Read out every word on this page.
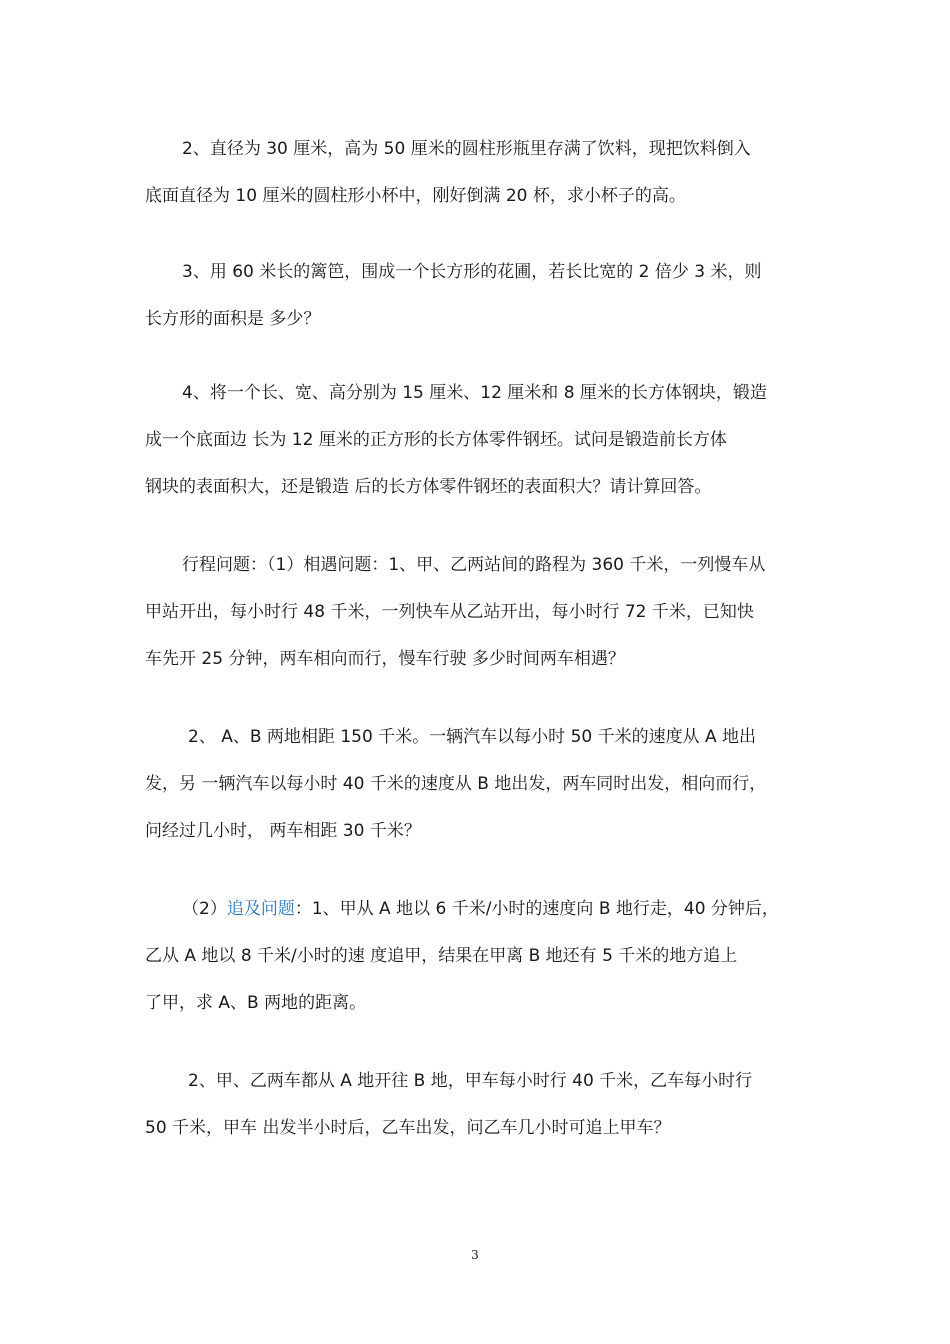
2、直径为 30 厘米，高为 50 厘米的圆柱形瓶里存满了饮料，现把饮料倒入
底面直径为 10 厘米的圆柱形小杯中，刚好倒满 20 杯，求小杯子的高。
3、用 60 米长的篱笆，围成一个长方形的花圃，若长比宽的 2 倍少 3 米，则
长方形的面积是 多少？
4、将一个长、宽、高分别为 15 厘米、12 厘米和 8 厘米的长方体钢块，锻造
成一个底面边 长为 12 厘米的正方形的长方体零件钢坯。试问是锻造前长方体
钢块的表面积大，还是锻造 后的长方体零件钢坯的表面积大？请计算回答。
行程问题：（1）相遇问题：1、甲、乙两站间的路程为 360 千米，一列慢车从
甲站开出，每小时行 48 千米，一列快车从乙站开出，每小时行 72 千米，已知快
车先开 25 分钟，两车相向而行，慢车行驶 多少时间两车相遇？
2、 A、B 两地相距 150 千米。一辆汽车以每小时 50 千米的速度从 A 地出
发，另 一辆汽车以每小时 40 千米的速度从 B 地出发，两车同时出发，相向而行，
问经过几小时， 两车相距 30 千米？
（2）追及问题：1、甲从 A 地以 6 千米/小时的速度向 B 地行走，40 分钟后，
乙从 A 地以 8 千米/小时的速 度追甲，结果在甲离 B 地还有 5 千米的地方追上
了甲，求 A、B 两地的距离。
2、甲、乙两车都从 A 地开往 B 地，甲车每小时行 40 千米，乙车每小时行
50 千米，甲车 出发半小时后，乙车出发，问乙车几小时可追上甲车？
3
